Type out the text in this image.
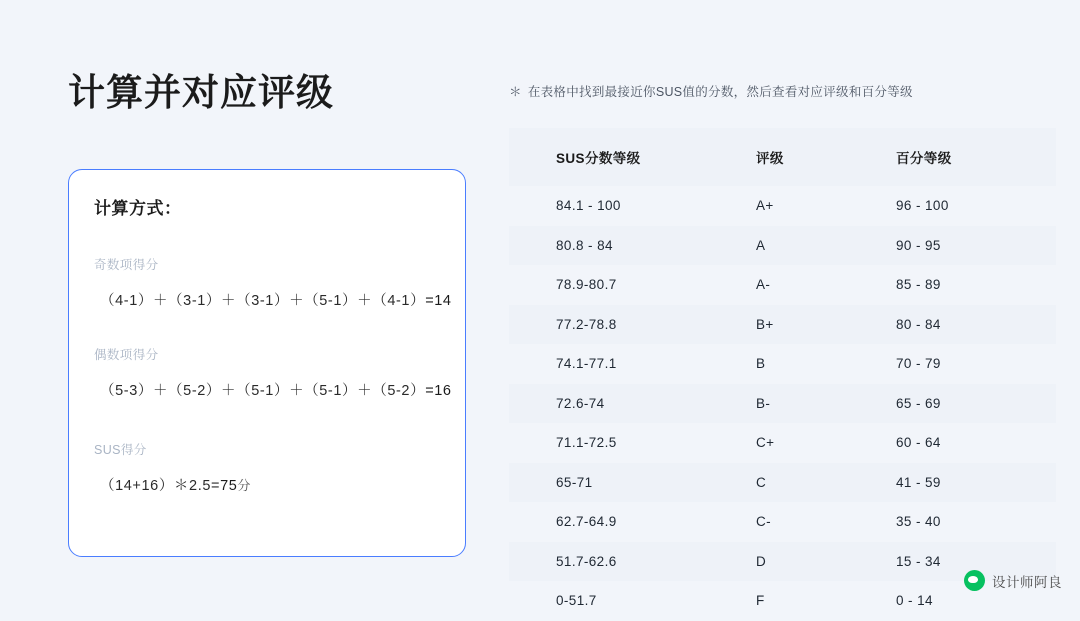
计算并对应评级
计算方式：
奇数项得分
（4-1）＋（3-1）＋（3-1）＋（5-1）＋（4-1）=14
偶数项得分
（5-3）＋（5-2）＋（5-1）＋（5-1）＋（5-2）=16
SUS得分
（14+16）＊2.5=75分
＊ 在表格中找到最接近你SUS值的分数，然后查看对应评级和百分等级
SUS分数等级	评级	百分等级
84.1 - 100	A+	96 - 100
80.8 - 84	A	90 - 95
78.9-80.7	A-	85 - 89
77.2-78.8	B+	80 - 84
74.1-77.1	B	70 - 79
72.6-74	B-	65 - 69
71.1-72.5	C+	60 - 64
65-71	C	41 - 59
62.7-64.9	C-	35 - 40
51.7-62.6	D	15 - 34
0-51.7	F	0 - 14
设计师阿良
